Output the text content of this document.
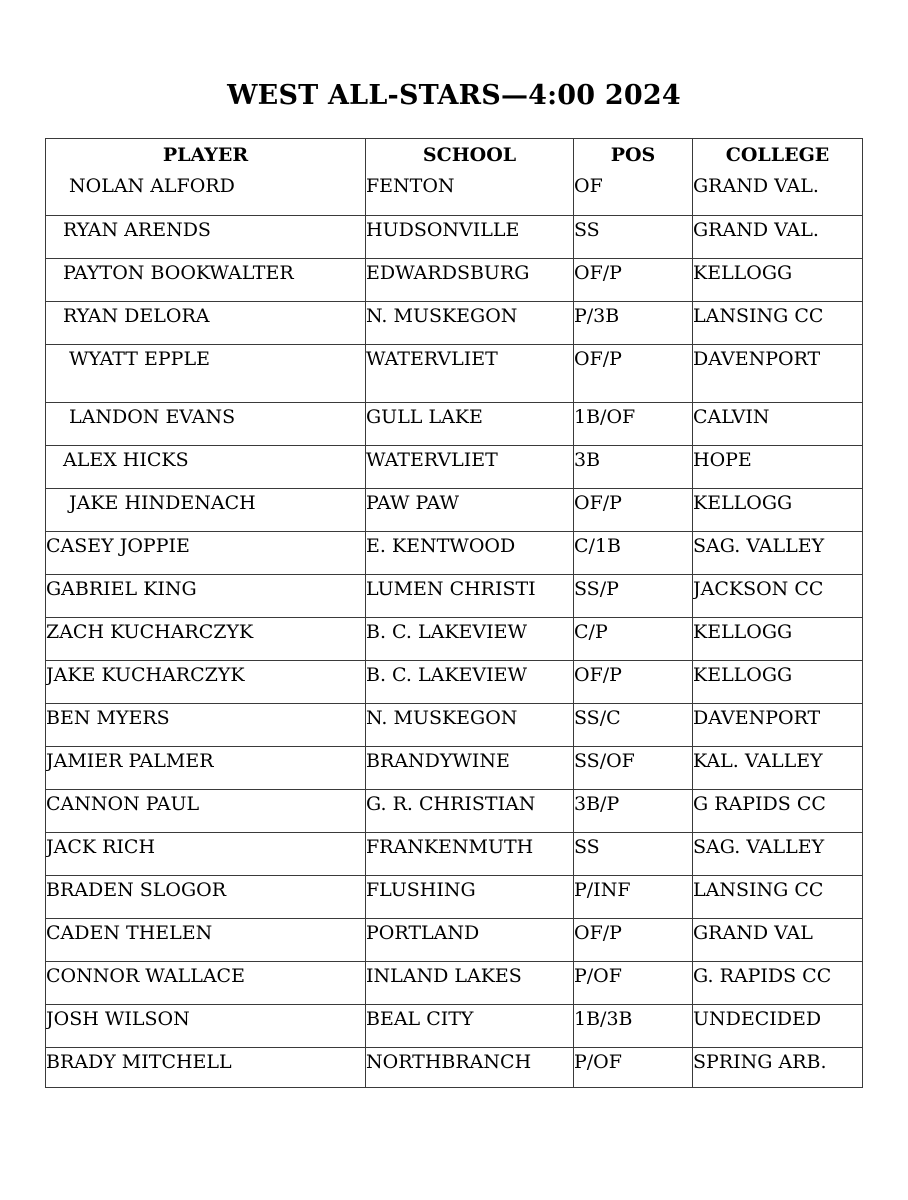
WEST ALL-STARS—4:00 2024
PLAYER	SCHOOL	POS	COLLEGE
NOLAN ALFORD	FENTON	OF	GRAND VAL.
RYAN ARENDS	HUDSONVILLE	SS	GRAND VAL.
PAYTON BOOKWALTER	EDWARDSBURG	OF/P	KELLOGG
RYAN DELORA	N. MUSKEGON	P/3B	LANSING CC
WYATT EPPLE	WATERVLIET	OF/P	DAVENPORT
LANDON EVANS	GULL LAKE	1B/OF	CALVIN
ALEX HICKS	WATERVLIET	3B	HOPE
JAKE HINDENACH	PAW PAW	OF/P	KELLOGG
CASEY JOPPIE	E. KENTWOOD	C/1B	SAG. VALLEY
GABRIEL KING	LUMEN CHRISTI	SS/P	JACKSON CC
ZACH KUCHARCZYK	B. C. LAKEVIEW	C/P	KELLOGG
JAKE KUCHARCZYK	B. C. LAKEVIEW	OF/P	KELLOGG
BEN MYERS	N. MUSKEGON	SS/C	DAVENPORT
JAMIER PALMER	BRANDYWINE	SS/OF	KAL. VALLEY
CANNON PAUL	G. R. CHRISTIAN	3B/P	G RAPIDS CC
JACK RICH	FRANKENMUTH	SS	SAG. VALLEY
BRADEN SLOGOR	FLUSHING	P/INF	LANSING CC
CADEN THELEN	PORTLAND	OF/P	GRAND VAL
CONNOR WALLACE	INLAND LAKES	P/OF	G. RAPIDS CC
JOSH WILSON	BEAL CITY	1B/3B	UNDECIDED
BRADY MITCHELL	NORTHBRANCH	P/OF	SPRING ARB.
